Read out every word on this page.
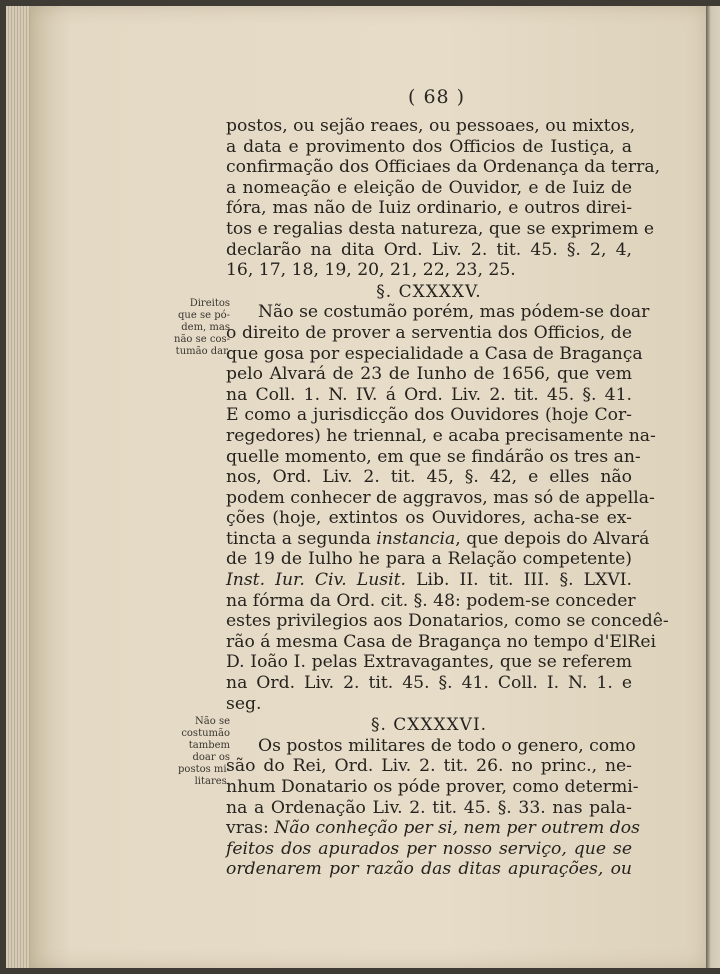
( 68 )
Direitos
que se pó-
dem, mas
não se cos-
tumão dar.
Não se
costumão
tambem
doar os
postos mi-
litares.
postos, ou sejão reaes, ou pessoaes, ou mixtos,
a data e provimento dos Officios de Iustiça, a
confirmação dos Officiaes da Ordenança da terra,
a nomeação e eleição de Ouvidor, e de Iuiz de
fóra, mas não de Iuiz ordinario, e outros direi-
tos e regalias desta natureza, que se exprimem e
declarão na dita Ord. Liv. 2. tit. 45. §. 2, 4,
16, 17, 18, 19, 20, 21, 22, 23, 25.
§. CXXXXV.
Não se costumão porém, mas pódem-se doar
o direito de prover a serventia dos Officios, de
que gosa por especialidade a Casa de Bragança
pelo Alvará de 23 de Iunho de 1656, que vem
na Coll. 1. N. IV. á Ord. Liv. 2. tit. 45. §. 41.
E como a jurisdicção dos Ouvidores (hoje Cor-
regedores) he triennal, e acaba precisamente na-
quelle momento, em que se findárão os tres an-
nos, Ord. Liv. 2. tit. 45, §. 42, e elles não
podem conhecer de aggravos, mas só de appella-
ções (hoje, extintos os Ouvidores, acha-se ex-
tincta a segunda instancia, que depois do Alvará
de 19 de Iulho he para a Relação competente)
Inst. Iur. Civ. Lusit. Lib. II. tit. III. §. LXVI.
na fórma da Ord. cit. §. 48: podem-se conceder
estes privilegios aos Donatarios, como se concedê-
rão á mesma Casa de Bragança no tempo d'ElRei
D. Ioão I. pelas Extravagantes, que se referem
na Ord. Liv. 2. tit. 45. §. 41. Coll. I. N. 1. e
seg.
§. CXXXXVI.
Os postos militares de todo o genero, como
são do Rei, Ord. Liv. 2. tit. 26. no princ., ne-
nhum Donatario os póde prover, como determi-
na a Ordenação Liv. 2. tit. 45. §. 33. nas pala-
vras: Não conheção per si, nem per outrem dos
feitos dos apurados per nosso serviço, que se
ordenarem por razão das ditas apurações, ou
